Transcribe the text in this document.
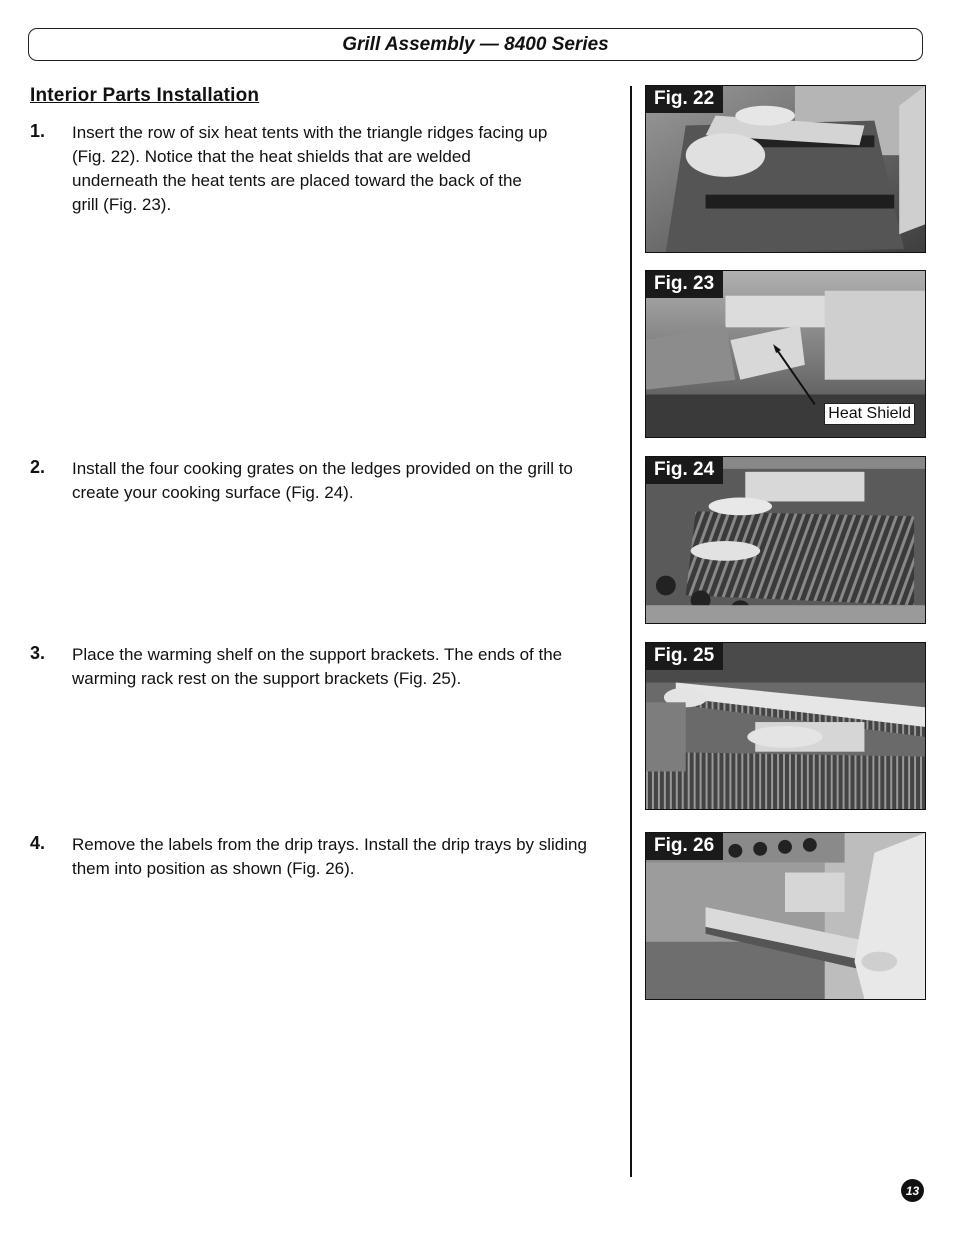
Grill Assembly — 8400 Series
Interior Parts Installation
1. Insert the row of six heat tents with the triangle ridges facing up (Fig. 22). Notice that the heat shields that are welded underneath the heat tents are placed toward the back of the grill (Fig. 23).
2. Install the four cooking grates on the ledges provided on the grill to create your cooking surface (Fig. 24).
3. Place the warming shelf on the support brackets. The ends of the warming rack rest on the support brackets (Fig. 25).
4. Remove the labels from the drip trays. Install the drip trays by sliding them into position as shown (Fig. 26).
Fig. 22
Fig. 23
Heat Shield
Fig. 24
Fig. 25
Fig. 26
13
